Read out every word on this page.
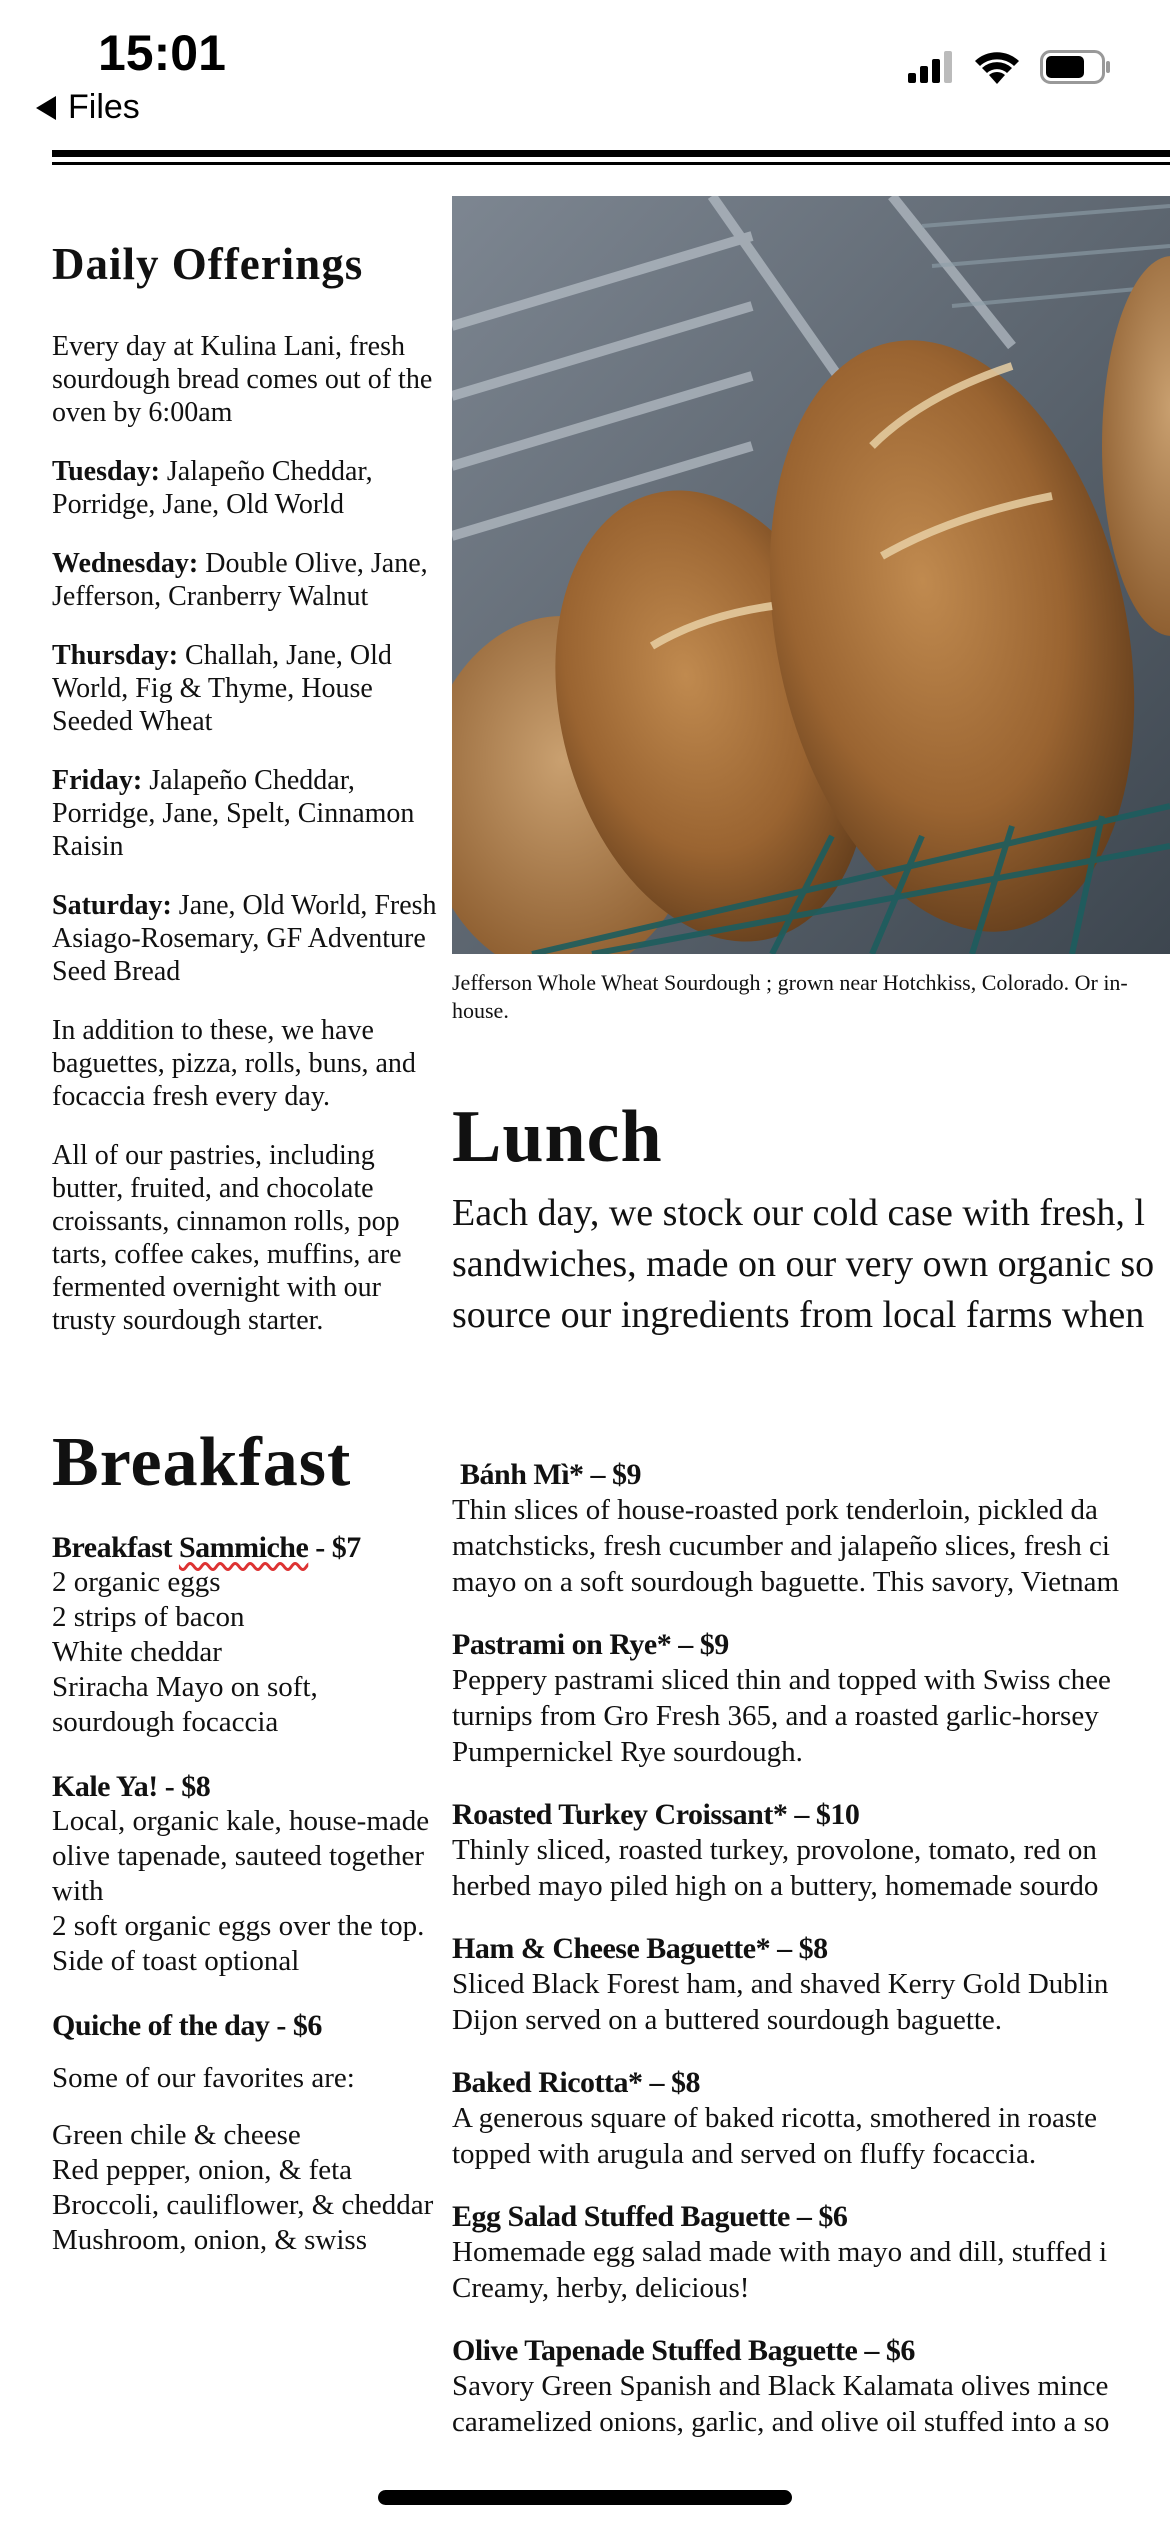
15:01
Files
Daily Offerings

Every day at Kulina Lani, fresh sourdough bread comes out of the oven by 6:00am

Tuesday: Jalapeño Cheddar, Porridge, Jane, Old World

Wednesday: Double Olive, Jane, Jefferson, Cranberry Walnut

Thursday: Challah, Jane, Old World, Fig & Thyme, House Seeded Wheat

Friday: Jalapeño Cheddar, Porridge, Jane, Spelt, Cinnamon Raisin

Saturday: Jane, Old World, Fresh Asiago-Rosemary, GF Adventure Seed Bread

In addition to these, we have baguettes, pizza, rolls, buns, and focaccia fresh every day.

All of our pastries, including butter, fruited, and chocolate croissants, cinnamon rolls, pop tarts, coffee cakes, muffins, are fermented overnight with our trusty sourdough starter.

Breakfast
Breakfast Sammiche - $7
2 organic eggs
2 strips of bacon
White cheddar
Sriracha Mayo on soft, sourdough focaccia
Kale Ya! - $8
Local, organic kale, house-made olive tapenade, sauteed together with
2 soft organic eggs over the top.
Side of toast optional
Quiche of the day - $6
Some of our favorites are:
Green chile & cheese
Red pepper, onion, & feta
Broccoli, cauliflower, & cheddar
Mushroom, onion, & swiss
Jefferson Whole Wheat Sourdough ; grown near Hotchkiss, Colorado. Or in-house.
Lunch
Each day, we stock our cold case with fresh, l
sandwiches, made on our very own organic so
source our ingredients from local farms when
Bánh Mì* – $9
Thin slices of house-roasted pork tenderloin, pickled da
matchsticks, fresh cucumber and jalapeño slices, fresh ci
mayo on a soft sourdough baguette. This savory, Vietnam
Pastrami on Rye* – $9
Peppery pastrami sliced thin and topped with Swiss chee
turnips from Gro Fresh 365, and a roasted garlic-horsey
Pumpernickel Rye sourdough.
Roasted Turkey Croissant* – $10
Thinly sliced, roasted turkey, provolone, tomato, red on
herbed mayo piled high on a buttery, homemade sourdo
Ham & Cheese Baguette* – $8
Sliced Black Forest ham, and shaved Kerry Gold Dublin
Dijon served on a buttered sourdough baguette.
Baked Ricotta* – $8
A generous square of baked ricotta, smothered in roaste
topped with arugula and served on fluffy focaccia.
Egg Salad Stuffed Baguette – $6
Homemade egg salad made with mayo and dill, stuffed i
Creamy, herby, delicious!
Olive Tapenade Stuffed Baguette – $6
Savory Green Spanish and Black Kalamata olives mince
caramelized onions, garlic, and olive oil stuffed into a so
